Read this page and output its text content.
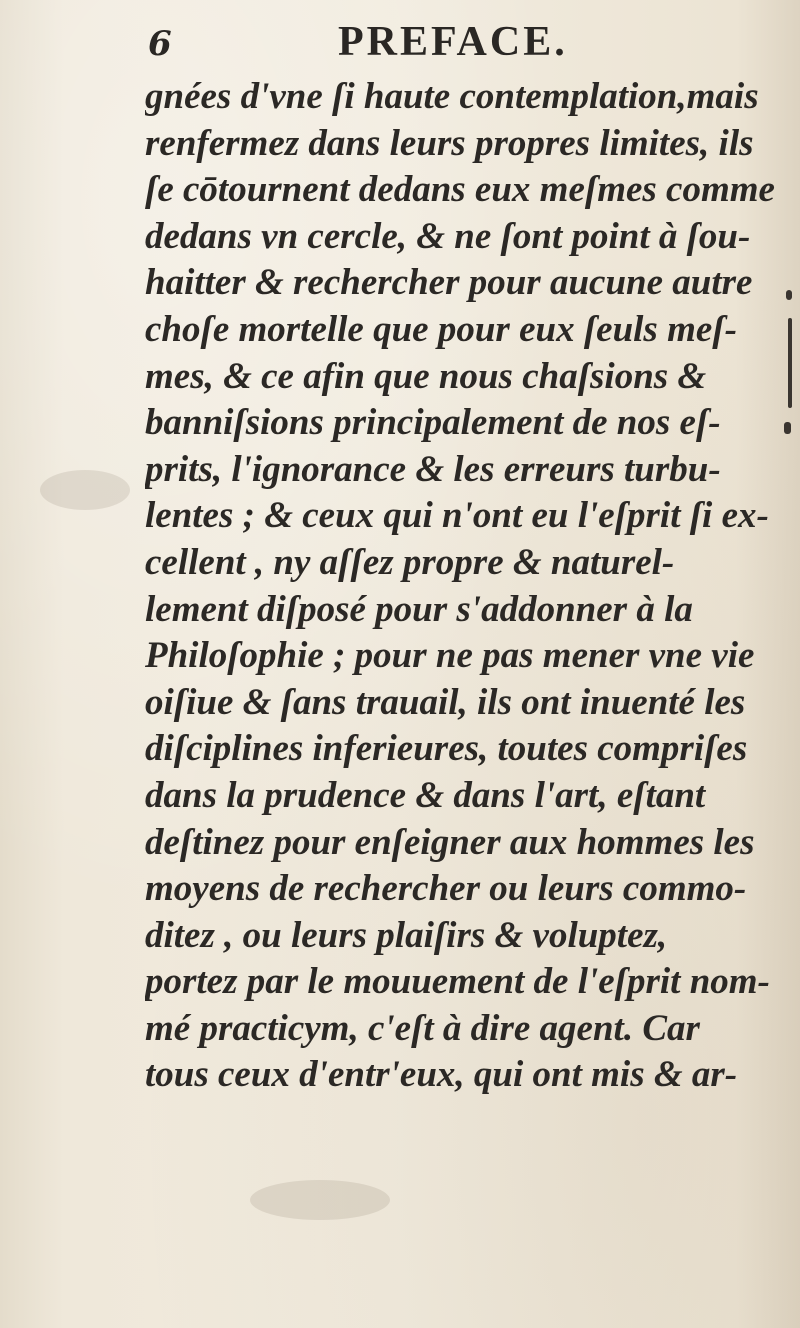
6	PREFACE.
gnées d'vne ſi haute contemplation,mais
renfermez dans leurs propres limites, ils
ſe cōtournent dedans eux meſmes comme
dedans vn cercle, & ne ſont point à ſou-
haitter & rechercher pour aucune autre
choſe mortelle que pour eux ſeuls meſ-
mes, & ce afin que nous chaſsions &
banniſsions principalement de nos eſ-
prits, l'ignorance & les erreurs turbu-
lentes ; & ceux qui n'ont eu l'eſprit ſi ex-
cellent , ny aſſez propre & naturel-
lement diſposé pour s'addonner à la
Philoſophie ; pour ne pas mener vne vie
oiſiue & ſans trauail, ils ont inuenté les
diſciplines inferieures, toutes compriſes
dans la prudence & dans l'art, eſtant
deſtinez pour enſeigner aux hommes les
moyens de rechercher ou leurs commo-
ditez , ou leurs plaiſirs & voluptez,
portez par le mouuement de l'eſprit nom-
mé practicym, c'eſt à dire agent. Car
tous ceux d'entr'eux, qui ont mis & ar-
